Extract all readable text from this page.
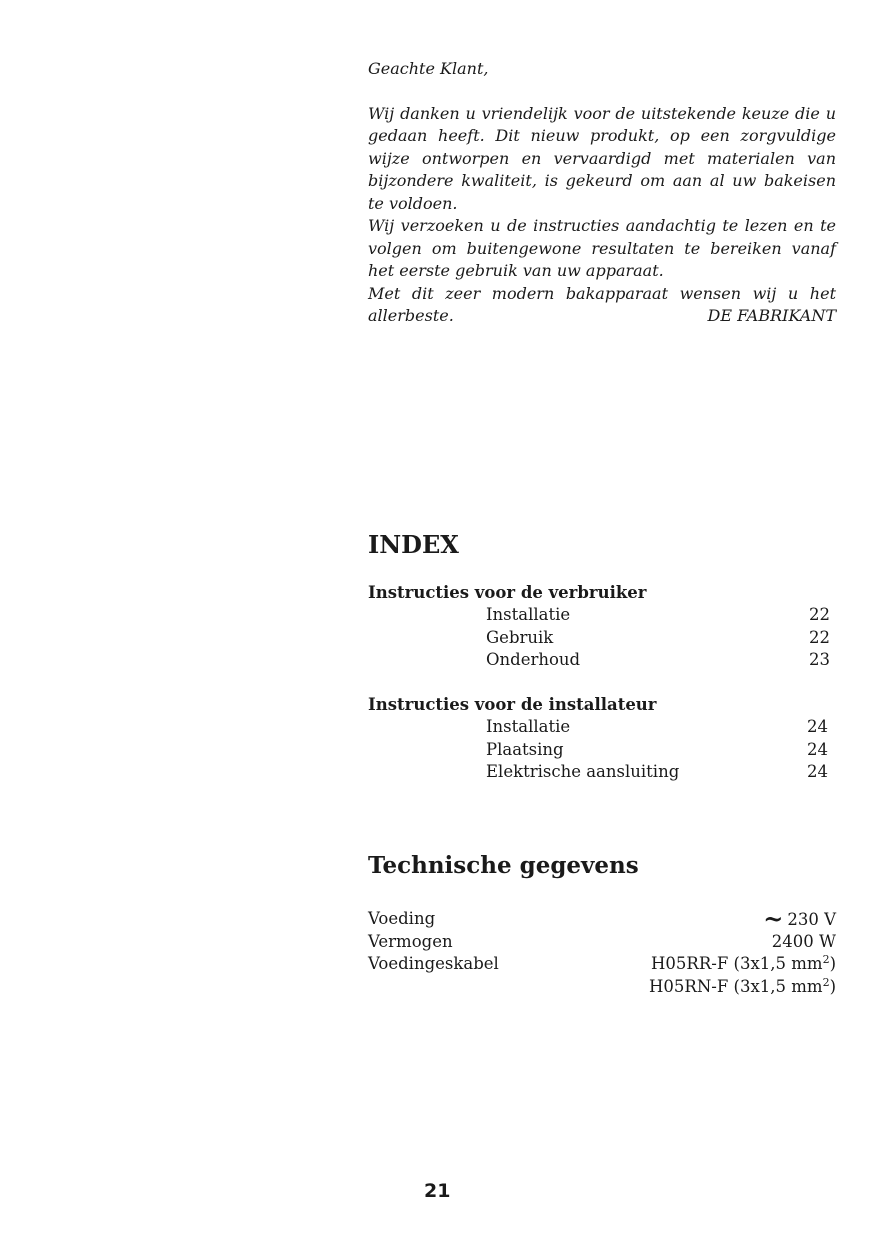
Geachte Klant,

Wij danken u vriendelijk voor de uitstekende keuze die u gedaan heeft. Dit nieuw produkt, op een zorgvuldige wijze ontworpen en vervaardigd met materialen van bijzondere kwaliteit, is gekeurd om aan al uw bakeisen te voldoen.

Wij verzoeken u de instructies aandachtig te lezen en te volgen om buitengewone resultaten te bereiken vanaf het eerste gebruik van uw apparaat.

Met dit zeer modern bakapparaat wensen wij u het allerbeste.	DE FABRIKANT
INDEX
Instructies voor de verbruiker
Installatie	22
Gebruik	22
Onderhoud	23
Instructies voor de installateur
Installatie	24
Plaatsing	24
Elektrische aansluiting	24
Technische gegevens
Voeding	~ 230 V
Vermogen	2400 W
Voedingeskabel	H05RR-F (3x1,5 $mm^2$)
H05RN-F (3x1,5 $mm^2$)
21
